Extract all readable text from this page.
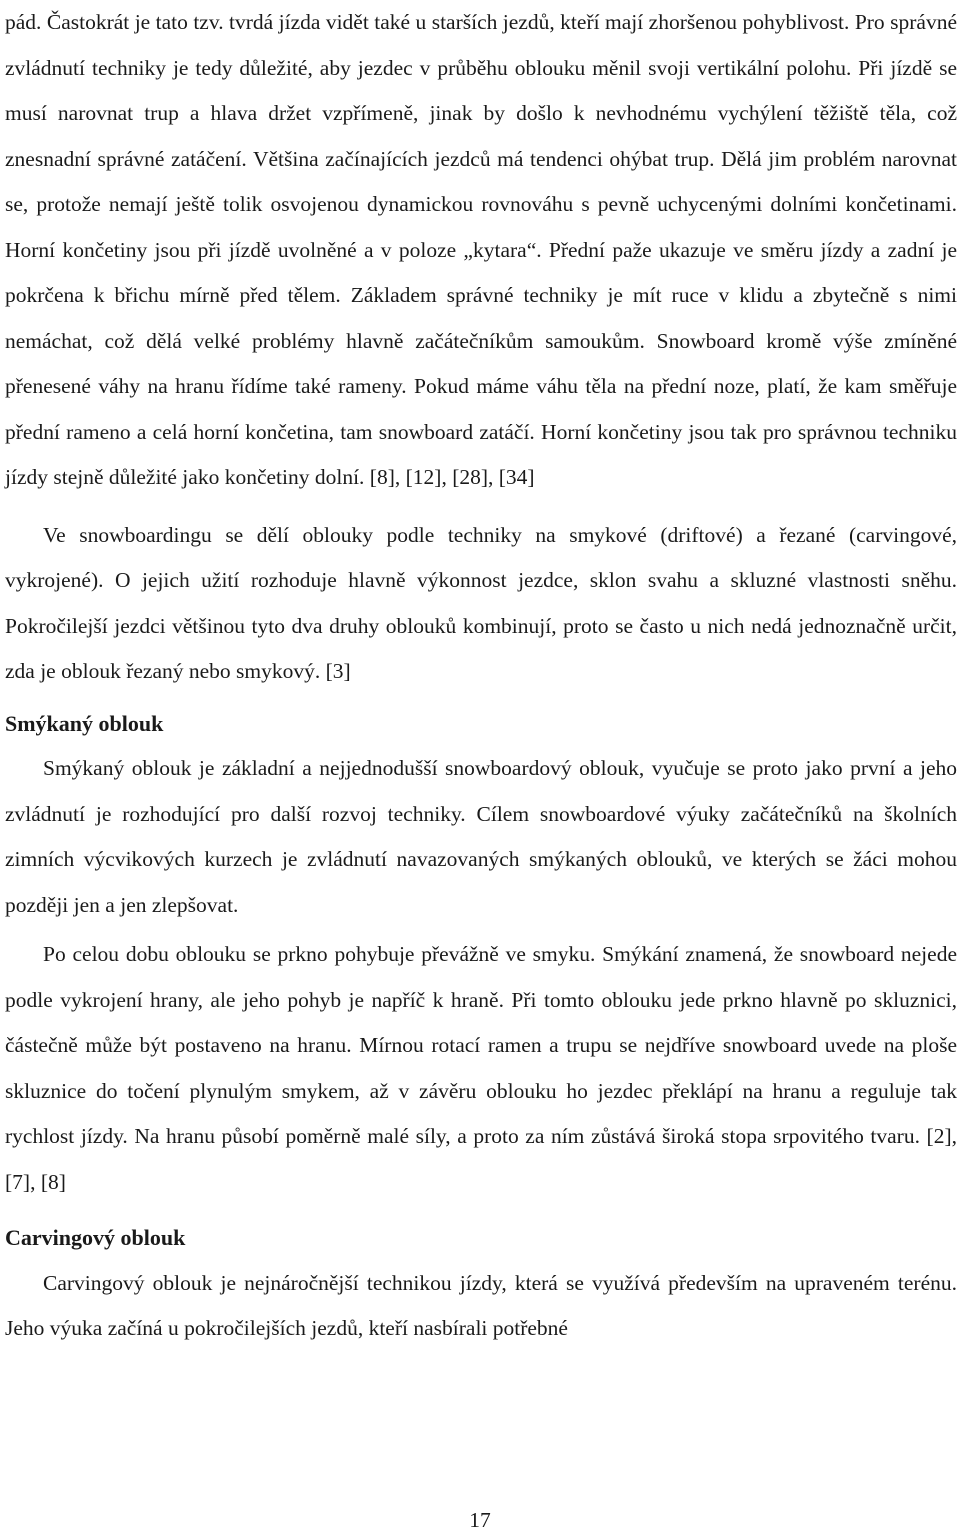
pád. Častokrát je tato tzv. tvrdá jízda vidět také u starších jezdů, kteří mají zhoršenou pohyblivost. Pro správné zvládnutí techniky je tedy důležité, aby jezdec v průběhu oblouku měnil svoji vertikální polohu. Při jízdě se musí narovnat trup a hlava držet vzpřímeně, jinak by došlo k nevhodnému vychýlení těžiště těla, což znesnadní správné zatáčení. Většina začínajících jezdců má tendenci ohýbat trup. Dělá jim problém narovnat se, protože nemají ještě tolik osvojenou dynamickou rovnováhu s pevně uchycenými dolními končetinami. Horní končetiny jsou při jízdě uvolněné a v poloze „kytara“. Přední paže ukazuje ve směru jízdy a zadní je pokrčena k břichu mírně před tělem. Základem správné techniky je mít ruce v klidu a zbytečně s nimi nemáchat, což dělá velké problémy hlavně začátečníkům samoukům. Snowboard kromě výše zmíněné přenesené váhy na hranu řídíme také rameny. Pokud máme váhu těla na přední noze, platí, že kam směřuje přední rameno a celá horní končetina, tam snowboard zatáčí. Horní končetiny jsou tak pro správnou techniku jízdy stejně důležité jako končetiny dolní. [8], [12], [28], [34]

Ve snowboardingu se dělí oblouky podle techniky na smykové (driftové) a řezané (carvingové, vykrojené). O jejich užití rozhoduje hlavně výkonnost jezdce, sklon svahu a skluzné vlastnosti sněhu. Pokročilejší jezdci většinou tyto dva druhy oblouků kombinují, proto se často u nich nedá jednoznačně určit, zda je oblouk řezaný nebo smykový. [3]

Smýkaný oblouk

Smýkaný oblouk je základní a nejjednodušší snowboardový oblouk, vyučuje se proto jako první a jeho zvládnutí je rozhodující pro další rozvoj techniky. Cílem snowboardové výuky začátečníků na školních zimních výcvikových kurzech je zvládnutí navazovaných smýkaných oblouků, ve kterých se žáci mohou později jen a jen zlepšovat.

Po celou dobu oblouku se prkno pohybuje převážně ve smyku. Smýkání znamená, že snowboard nejede podle vykrojení hrany, ale jeho pohyb je napříč k hraně. Při tomto oblouku jede prkno hlavně po skluznici, částečně může být postaveno na hranu. Mírnou rotací ramen a trupu se nejdříve snowboard uvede na ploše skluznice do točení plynulým smykem, až v závěru oblouku ho jezdec překlápí na hranu a reguluje tak rychlost jízdy. Na hranu působí poměrně malé síly, a proto za ním zůstává široká stopa srpovitého tvaru. [2], [7], [8]

Carvingový oblouk

Carvingový oblouk je nejnáročnější technikou jízdy, která se využívá především na upraveném terénu. Jeho výuka začíná u pokročilejších jezdů, kteří nasbírali potřebné

17
